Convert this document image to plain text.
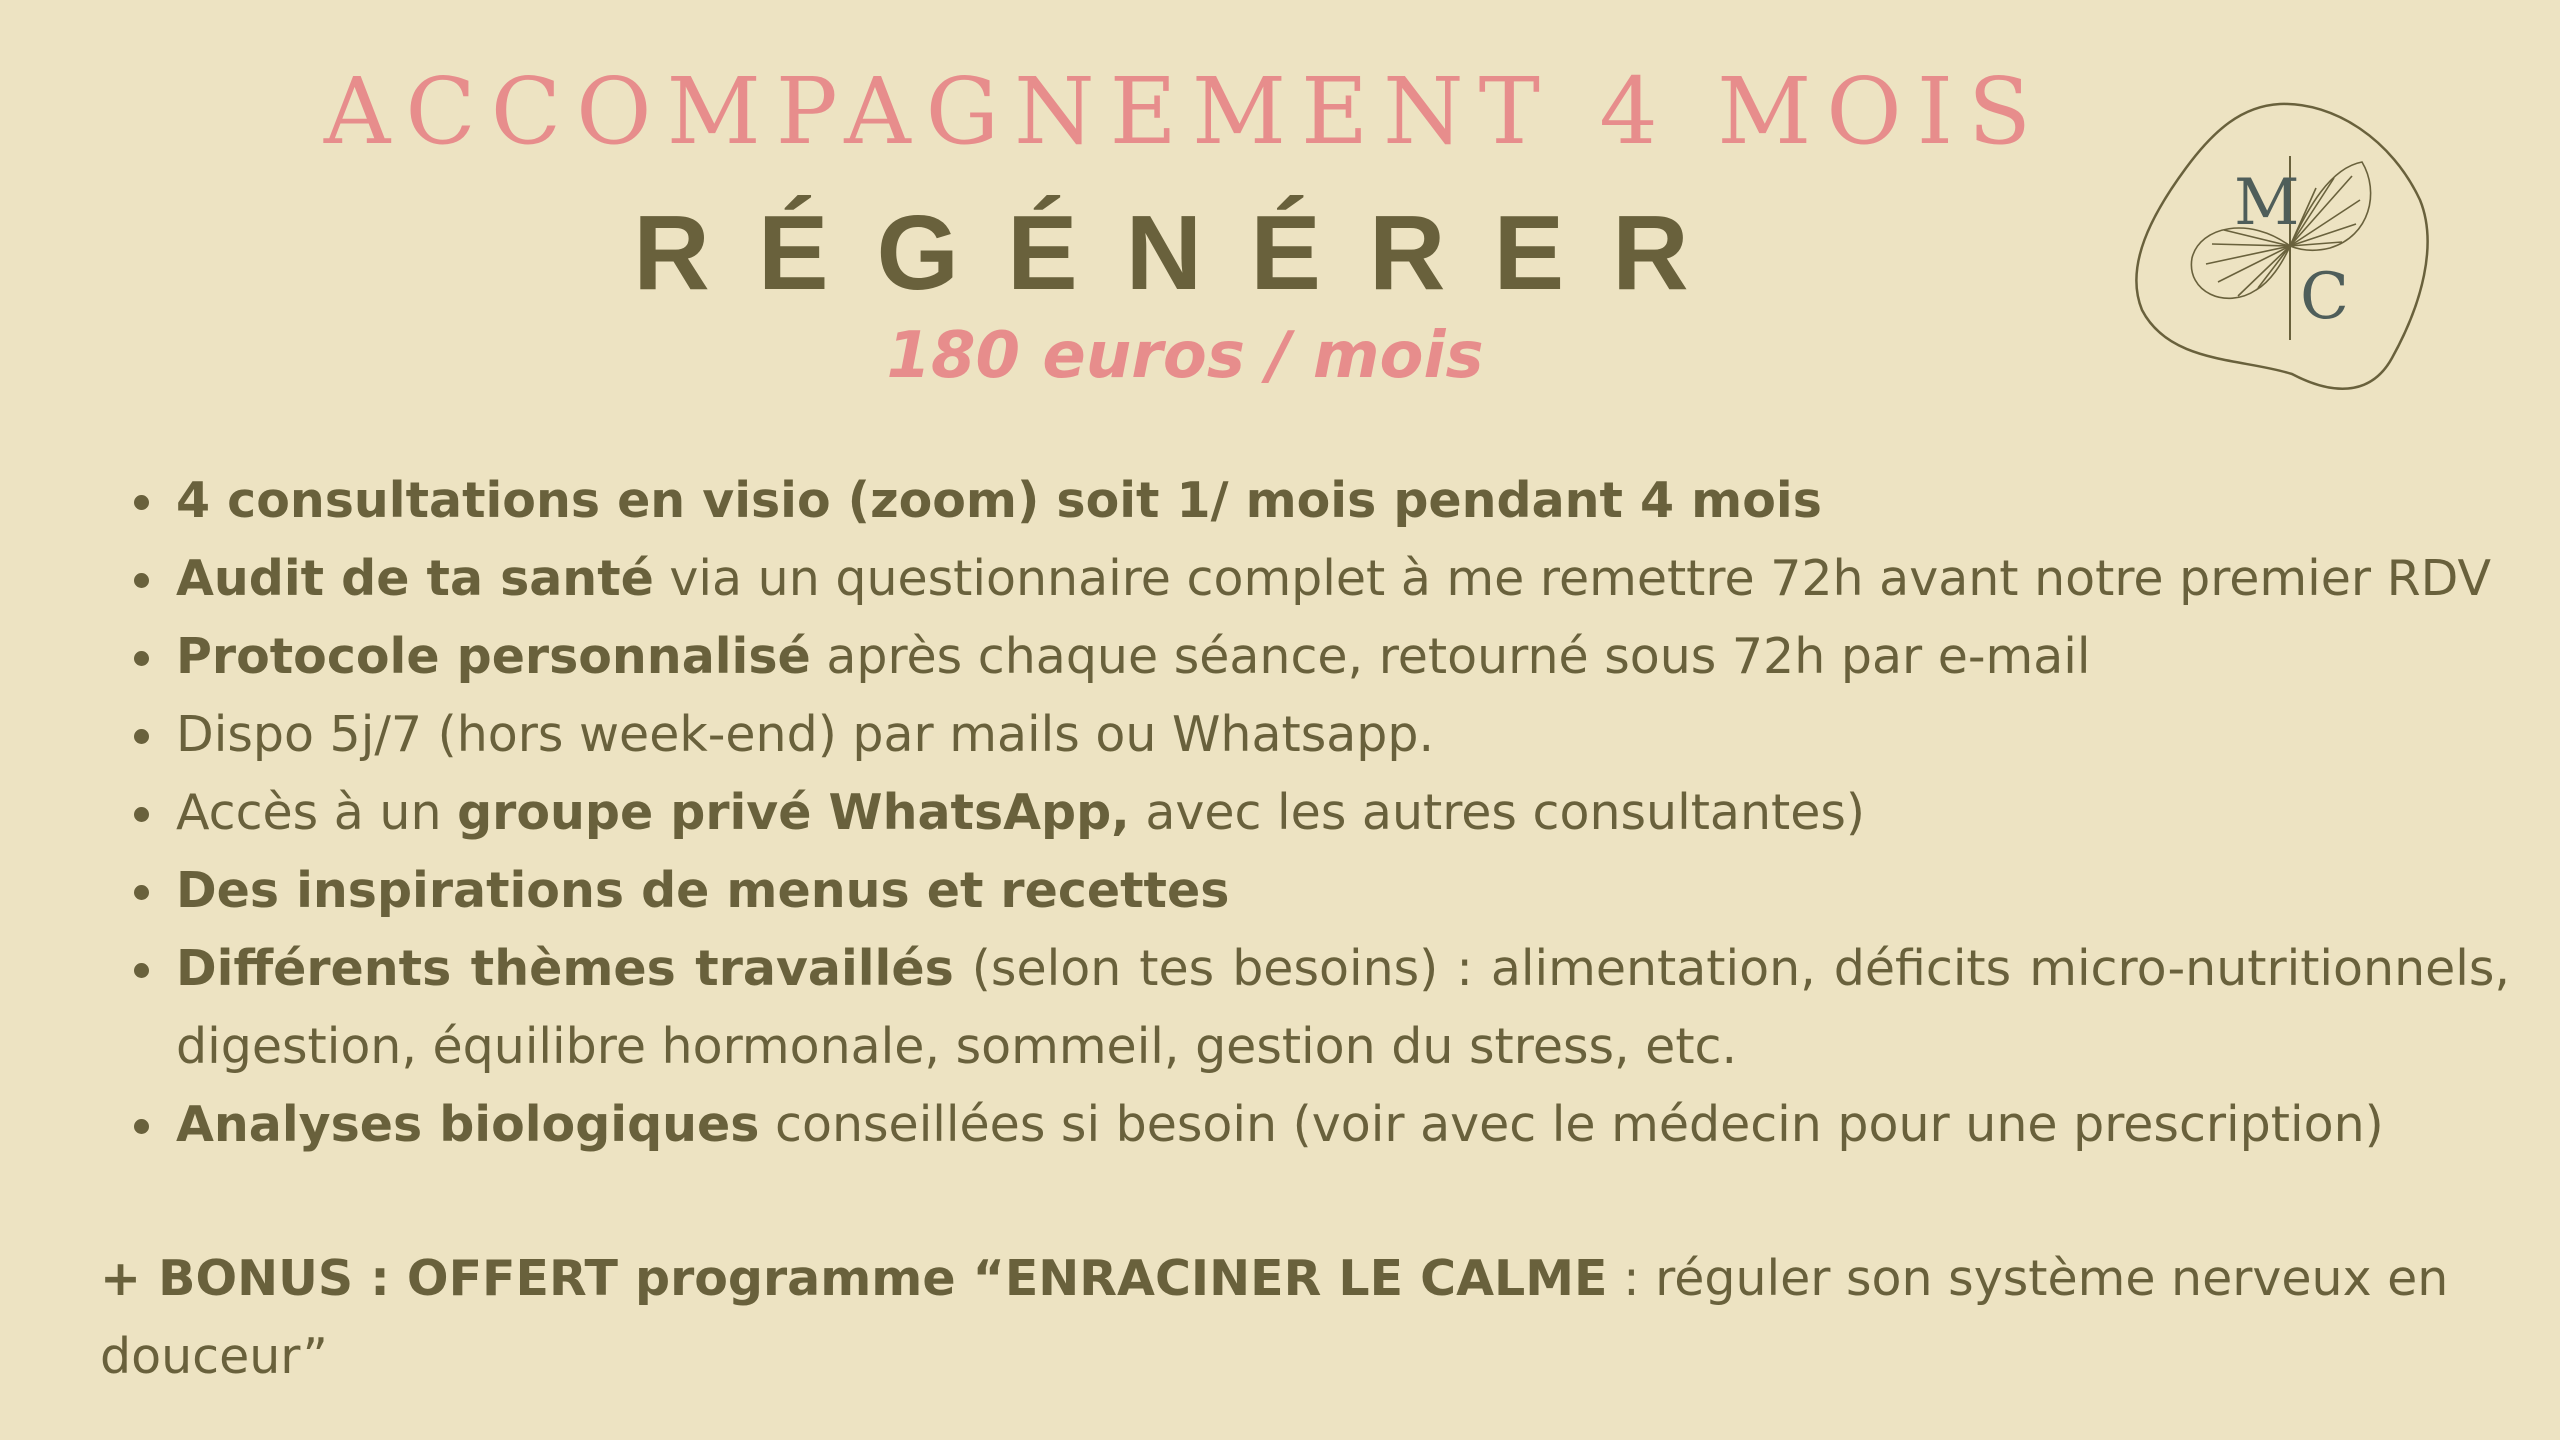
ACCOMPAGNEMENT 4 MOIS
RÉGÉNÉRER
180 euros / mois
M
C
4 consultations en visio (zoom) soit 1/ mois pendant 4 mois
Audit de ta santé via un questionnaire complet à me remettre 72h avant notre premier RDV
Protocole personnalisé après chaque séance, retourné sous 72h par e-mail
Dispo 5j/7 (hors week-end) par mails ou Whatsapp.
Accès à un groupe privé WhatsApp, avec les autres consultantes)
Des inspirations de menus et recettes
Différents thèmes travaillés (selon tes besoins) : alimentation, déficits micro-nutritionnels, digestion, équilibre hormonale, sommeil, gestion du stress, etc.
Analyses biologiques conseillées si besoin (voir avec le médecin pour une prescription)
+ BONUS : OFFERT programme “ENRACINER LE CALME : réguler son système nerveux en douceur”
